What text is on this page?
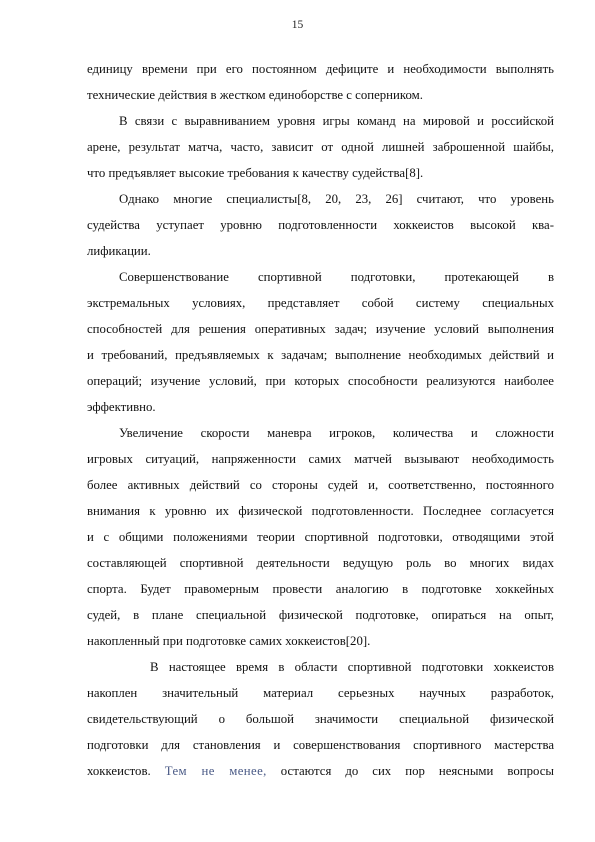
15
единицу времени при его постоянном дефиците и необходимости выполнять
технические действия в жестком единоборстве с соперником.
В связи с выравниванием уровня игры команд на мировой и российской
арене, результат матча, часто, зависит от одной лишней заброшенной шайбы,
что предъявляет высокие требования к качеству судейства[8].
Однако многие специалисты[8, 20, 23, 26] считают, что уровень
судейства уступает уровню подготовленности хоккеистов высокой ква-
лификации.
Совершенствование спортивной подготовки, протекающей в
экстремальных условиях, представляет собой систему специальных
способностей для решения оперативных задач; изучение условий выполнения
и требований, предъявляемых к задачам; выполнение необходимых действий и
операций; изучение условий, при которых способности реализуются наиболее
эффективно.
Увеличение скорости маневра игроков, количества и сложности
игровых ситуаций, напряженности самих матчей вызывают необходимость
более активных действий со стороны судей и, соответственно, постоянного
внимания к уровню их физической подготовленности. Последнее согласуется
и с общими положениями теории спортивной подготовки, отводящими этой
составляющей спортивной деятельности ведущую роль во многих видах
спорта. Будет правомерным провести аналогию в подготовке хоккейных
судей, в плане специальной физической подготовке, опираться на опыт,
накопленный при подготовке самих хоккеистов[20].
В настоящее время в области спортивной подготовки хоккеистов
накоплен значительный материал серьезных научных разработок,
свидетельствующий о большой значимости специальной физической
подготовки для становления и совершенствования спортивного мастерства
хоккеистов. Тем не менее, остаются до сих пор неясными вопросы
